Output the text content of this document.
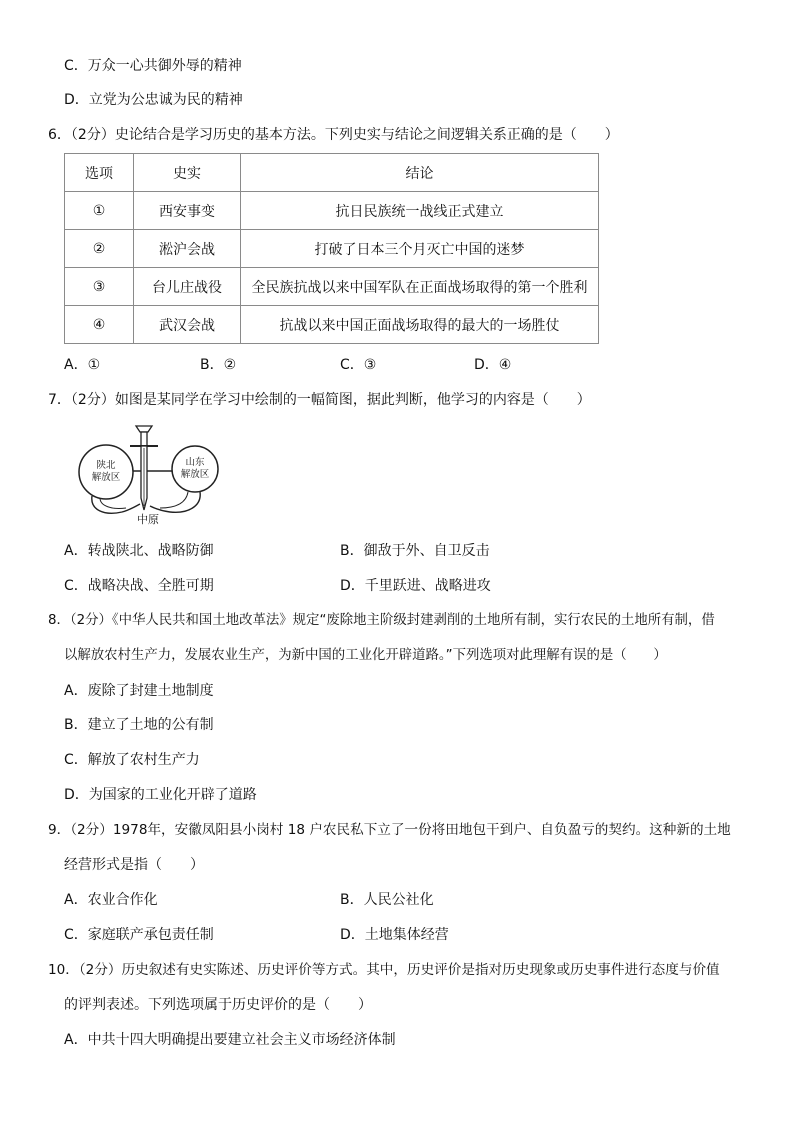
C．万众一心共御外辱的精神
D．立党为公忠诚为民的精神
6．（2分）史论结合是学习历史的基本方法。下列史实与结论之间逻辑关系正确的是（　　）
选项	史实	结论
①	西安事变	抗日民族统一战线正式建立
②	淞沪会战	打破了日本三个月灭亡中国的迷梦
③	台儿庄战役	全民族抗战以来中国军队在正面战场取得的第一个胜利
④	武汉会战	抗战以来中国正面战场取得的最大的一场胜仗
A．①	B．②	C．③	D．④
7．（2分）如图是某同学在学习中绘制的一幅简图，据此判断，他学习的内容是（　　）
陕北
解放区
山东
解放区
中原
A．转战陕北、战略防御	B．御敌于外、自卫反击
C．战略决战、全胜可期	D．千里跃进、战略进攻
8．（2分）《中华人民共和国土地改革法》规定“废除地主阶级封建剥削的土地所有制，实行农民的土地所有制，借
以解放农村生产力，发展农业生产，为新中国的工业化开辟道路。”下列选项对此理解有误的是（　　）
A．废除了封建土地制度
B．建立了土地的公有制
C．解放了农村生产力
D．为国家的工业化开辟了道路
9．（2分）1978年，安徽凤阳县小岗村 18 户农民私下立了一份将田地包干到户、自负盈亏的契约。这种新的土地
经营形式是指（　　）
A．农业合作化	B．人民公社化
C．家庭联产承包责任制	D．土地集体经营
10．（2分）历史叙述有史实陈述、历史评价等方式。其中，历史评价是指对历史现象或历史事件进行态度与价值
的评判表述。下列选项属于历史评价的是（　　）
A．中共十四大明确提出要建立社会主义市场经济体制
